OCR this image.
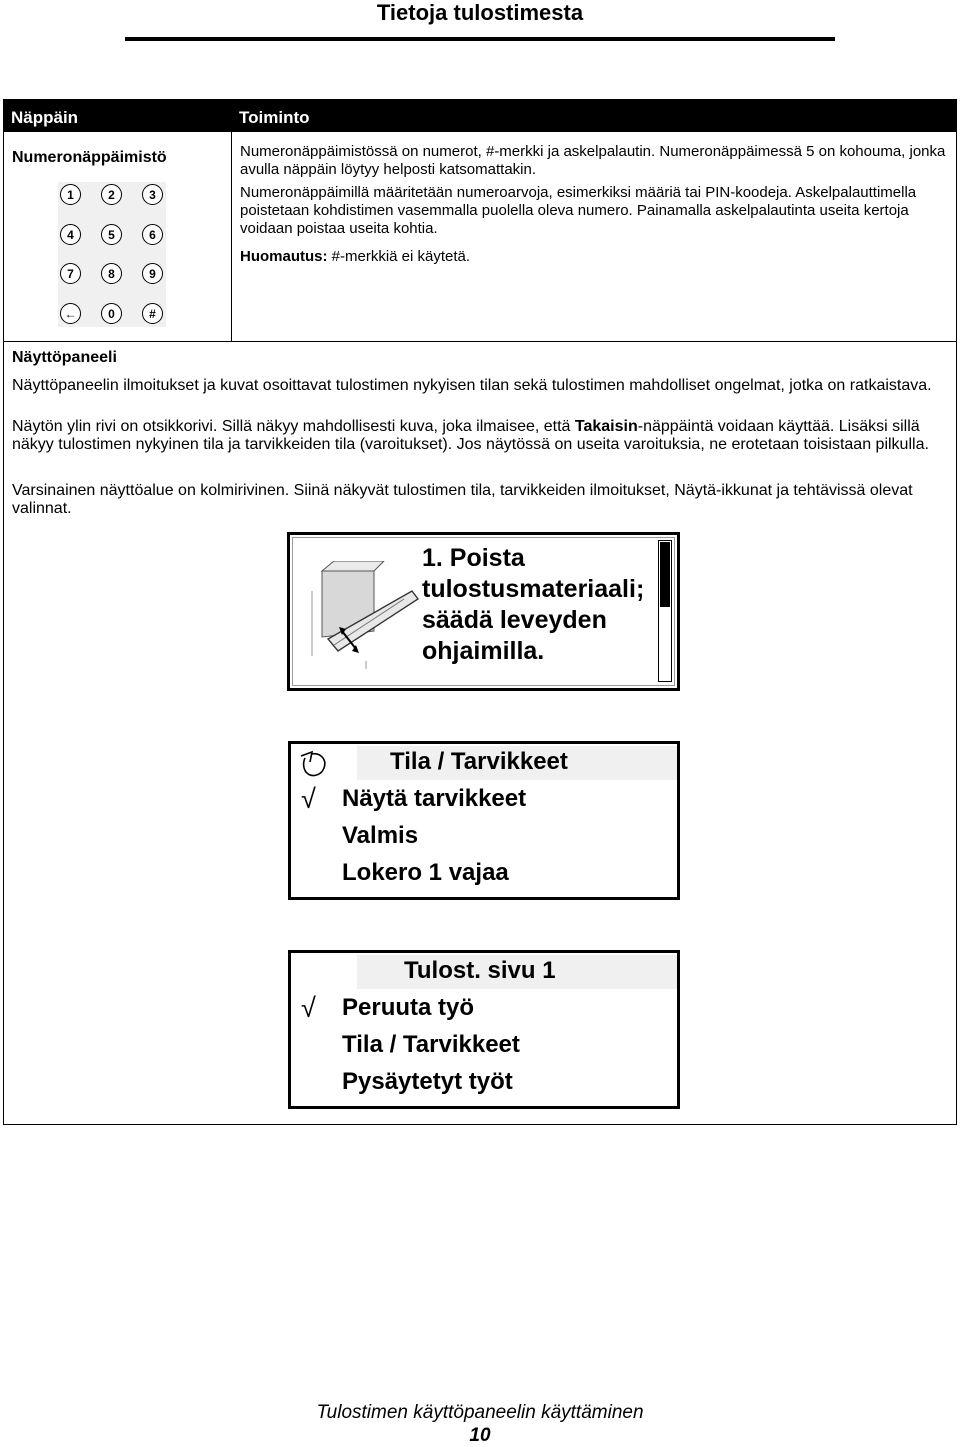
Tietoja tulostimesta
Näppäin	Toiminto
Numeronäppäimistö	Numeronäppäimistössä on numerot, #-merkki ja askelpalautin. Numeronäppäimessä 5 on kohouma, jonka avulla näppäin löytyy helposti katsomattakin.
Numeronäppäimillä määritetään numeroarvoja, esimerkiksi määriä tai PIN-koodeja. Askelpalauttimella poistetaan kohdistimen vasemmalla puolella oleva numero. Painamalla askelpalautinta useita kertoja voidaan poistaa useita kohtia.
Huomautus: #-merkkiä ei käytetä.
Näyttöpaneeli
Näyttöpaneelin ilmoitukset ja kuvat osoittavat tulostimen nykyisen tilan sekä tulostimen mahdolliset ongelmat, jotka on ratkaistava.
Näytön ylin rivi on otsikkorivi. Sillä näkyy mahdollisesti kuva, joka ilmaisee, että Takaisin-näppäintä voidaan käyttää. Lisäksi sillä näkyy tulostimen nykyinen tila ja tarvikkeiden tila (varoitukset). Jos näytössä on useita varoituksia, ne erotetaan toisistaan pilkulla.
Varsinainen näyttöalue on kolmirivinen. Siinä näkyvät tulostimen tila, tarvikkeiden ilmoitukset, Näytä-ikkunat ja tehtävissä olevat valinnat.
1. Poista
tulostusmateriaali;
säädä leveyden
ohjaimilla.
Tila / Tarvikkeet
√ Näytä tarvikkeet
Valmis
Lokero 1 vajaa
Tulost. sivu 1
√ Peruuta työ
Tila / Tarvikkeet
Pysäytetyt työt
1	2	3
4	5	6
7	8	9
←	0	#
Tulostimen käyttöpaneelin käyttäminen
10
